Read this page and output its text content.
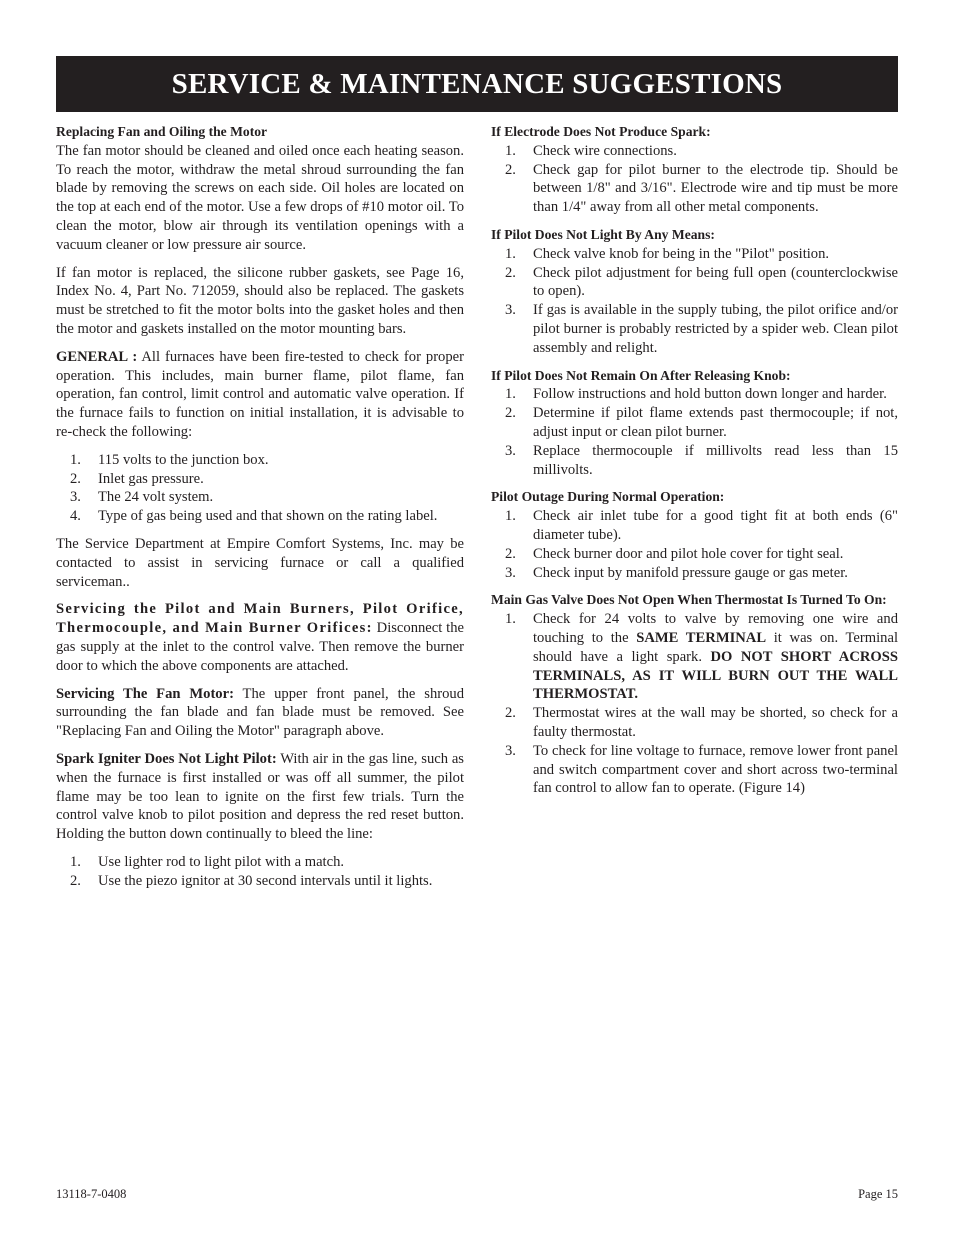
SERVICE & MAINTENANCE SUGGESTIONS
Replacing Fan and Oiling the Motor

The fan motor should be cleaned and oiled once each heating season. To reach the motor, withdraw the metal shroud surrounding the fan blade by removing the screws on each side. Oil holes are located on the top at each end of the motor. Use a few drops of #10 motor oil. To clean the motor, blow air through its ventilation openings with a vacuum cleaner or low pressure air source.

If fan motor is replaced, the silicone rubber gaskets, see Page 16, Index No. 4, Part No. 712059, should also be replaced. The gaskets must be stretched to fit the motor bolts into the gasket holes and then the motor and gaskets installed on the motor mounting bars.

GENERAL : All furnaces have been fire-tested to check for proper operation. This includes, main burner flame, pilot flame, fan operation, fan control, limit control and automatic valve operation. If the furnace fails to function on initial installation, it is advisable to re-check the following:

1. 115 volts to the junction box.
2. Inlet gas pressure.
3. The 24 volt system.
4. Type of gas being used and that shown on the rating label.

The Service Department at Empire Comfort Systems, Inc. may be contacted to assist in servicing furnace or call a qualified serviceman..

Servicing the Pilot and Main Burners, Pilot Orifice, Thermocouple, and Main Burner Orifices: Disconnect the gas supply at the inlet to the control valve. Then remove the burner door to which the above components are attached.

Servicing The Fan Motor: The upper front panel, the shroud surrounding the fan blade and fan blade must be removed. See "Replacing Fan and Oiling the Motor" paragraph above.

Spark Igniter Does Not Light Pilot: With air in the gas line, such as when the furnace is first installed or was off all summer, the pilot flame may be too lean to ignite on the first few trials. Turn the control valve knob to pilot position and depress the red reset button. Holding the button down continually to bleed the line:

1. Use lighter rod to light pilot with a match.
2. Use the piezo ignitor at 30 second intervals until it lights.
If Electrode Does Not Produce Spark:
1. Check wire connections.
2. Check gap for pilot burner to the electrode tip. Should be between 1/8" and 3/16". Electrode wire and tip must be more than 1/4" away from all other metal components.
If Pilot Does Not Light By Any Means:
1. Check valve knob for being in the "Pilot" position.
2. Check pilot adjustment for being full open (counterclockwise to open).
3. If gas is available in the supply tubing, the pilot orifice and/or pilot burner is probably restricted by a spider web. Clean pilot assembly and relight.
If Pilot Does Not Remain On After Releasing Knob:
1. Follow instructions and hold button down longer and harder.
2. Determine if pilot flame extends past thermocouple; if not, adjust input or clean pilot burner.
3. Replace thermocouple if millivolts read less than 15 millivolts.
Pilot Outage During Normal Operation:
1. Check air inlet tube for a good tight fit at both ends (6" diameter tube).
2. Check burner door and pilot hole cover for tight seal.
3. Check input by manifold pressure gauge or gas meter.
Main Gas Valve Does Not Open When Thermostat Is Turned To On:
1. Check for 24 volts to valve by removing one wire and touching to the SAME TERMINAL it was on. Terminal should have a light spark. DO NOT SHORT ACROSS TERMINALS, AS IT WILL BURN OUT THE WALL THERMOSTAT.
2. Thermostat wires at the wall may be shorted, so check for a faulty thermostat.
3. To check for line voltage to furnace, remove lower front panel and switch compartment cover and short across two-terminal fan control to allow fan to operate. (Figure 14)
13118-7-0408	Page 15
